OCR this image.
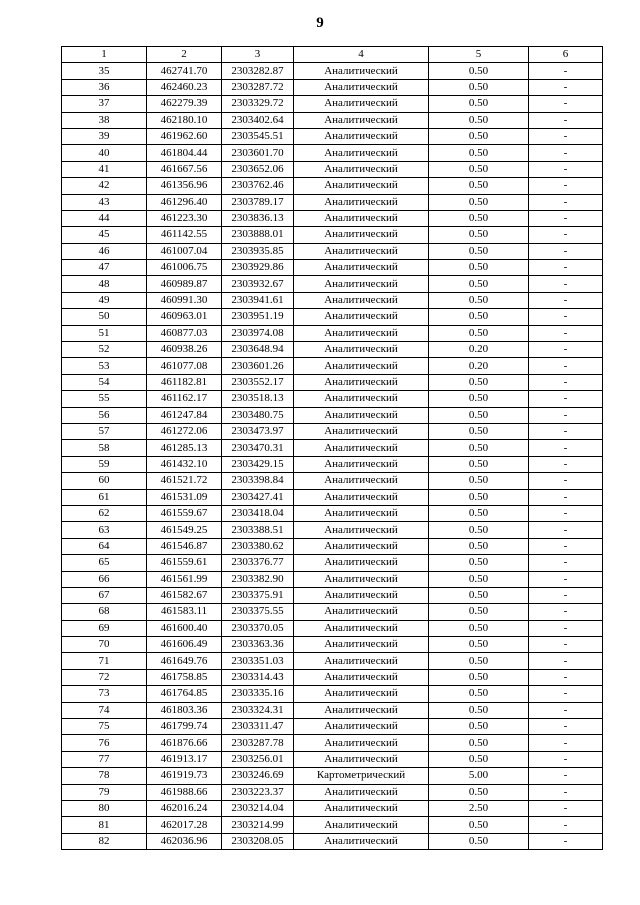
9
1	2	3	4	5	6
35	462741.70	2303282.87	Аналитический	0.50	-
36	462460.23	2303287.72	Аналитический	0.50	-
37	462279.39	2303329.72	Аналитический	0.50	-
38	462180.10	2303402.64	Аналитический	0.50	-
39	461962.60	2303545.51	Аналитический	0.50	-
40	461804.44	2303601.70	Аналитический	0.50	-
41	461667.56	2303652.06	Аналитический	0.50	-
42	461356.96	2303762.46	Аналитический	0.50	-
43	461296.40	2303789.17	Аналитический	0.50	-
44	461223.30	2303836.13	Аналитический	0.50	-
45	461142.55	2303888.01	Аналитический	0.50	-
46	461007.04	2303935.85	Аналитический	0.50	-
47	461006.75	2303929.86	Аналитический	0.50	-
48	460989.87	2303932.67	Аналитический	0.50	-
49	460991.30	2303941.61	Аналитический	0.50	-
50	460963.01	2303951.19	Аналитический	0.50	-
51	460877.03	2303974.08	Аналитический	0.50	-
52	460938.26	2303648.94	Аналитический	0.20	-
53	461077.08	2303601.26	Аналитический	0.20	-
54	461182.81	2303552.17	Аналитический	0.50	-
55	461162.17	2303518.13	Аналитический	0.50	-
56	461247.84	2303480.75	Аналитический	0.50	-
57	461272.06	2303473.97	Аналитический	0.50	-
58	461285.13	2303470.31	Аналитический	0.50	-
59	461432.10	2303429.15	Аналитический	0.50	-
60	461521.72	2303398.84	Аналитический	0.50	-
61	461531.09	2303427.41	Аналитический	0.50	-
62	461559.67	2303418.04	Аналитический	0.50	-
63	461549.25	2303388.51	Аналитический	0.50	-
64	461546.87	2303380.62	Аналитический	0.50	-
65	461559.61	2303376.77	Аналитический	0.50	-
66	461561.99	2303382.90	Аналитический	0.50	-
67	461582.67	2303375.91	Аналитический	0.50	-
68	461583.11	2303375.55	Аналитический	0.50	-
69	461600.40	2303370.05	Аналитический	0.50	-
70	461606.49	2303363.36	Аналитический	0.50	-
71	461649.76	2303351.03	Аналитический	0.50	-
72	461758.85	2303314.43	Аналитический	0.50	-
73	461764.85	2303335.16	Аналитический	0.50	-
74	461803.36	2303324.31	Аналитический	0.50	-
75	461799.74	2303311.47	Аналитический	0.50	-
76	461876.66	2303287.78	Аналитический	0.50	-
77	461913.17	2303256.01	Аналитический	0.50	-
78	461919.73	2303246.69	Картометрический	5.00	-
79	461988.66	2303223.37	Аналитический	0.50	-
80	462016.24	2303214.04	Аналитический	2.50	-
81	462017.28	2303214.99	Аналитический	0.50	-
82	462036.96	2303208.05	Аналитический	0.50	-
